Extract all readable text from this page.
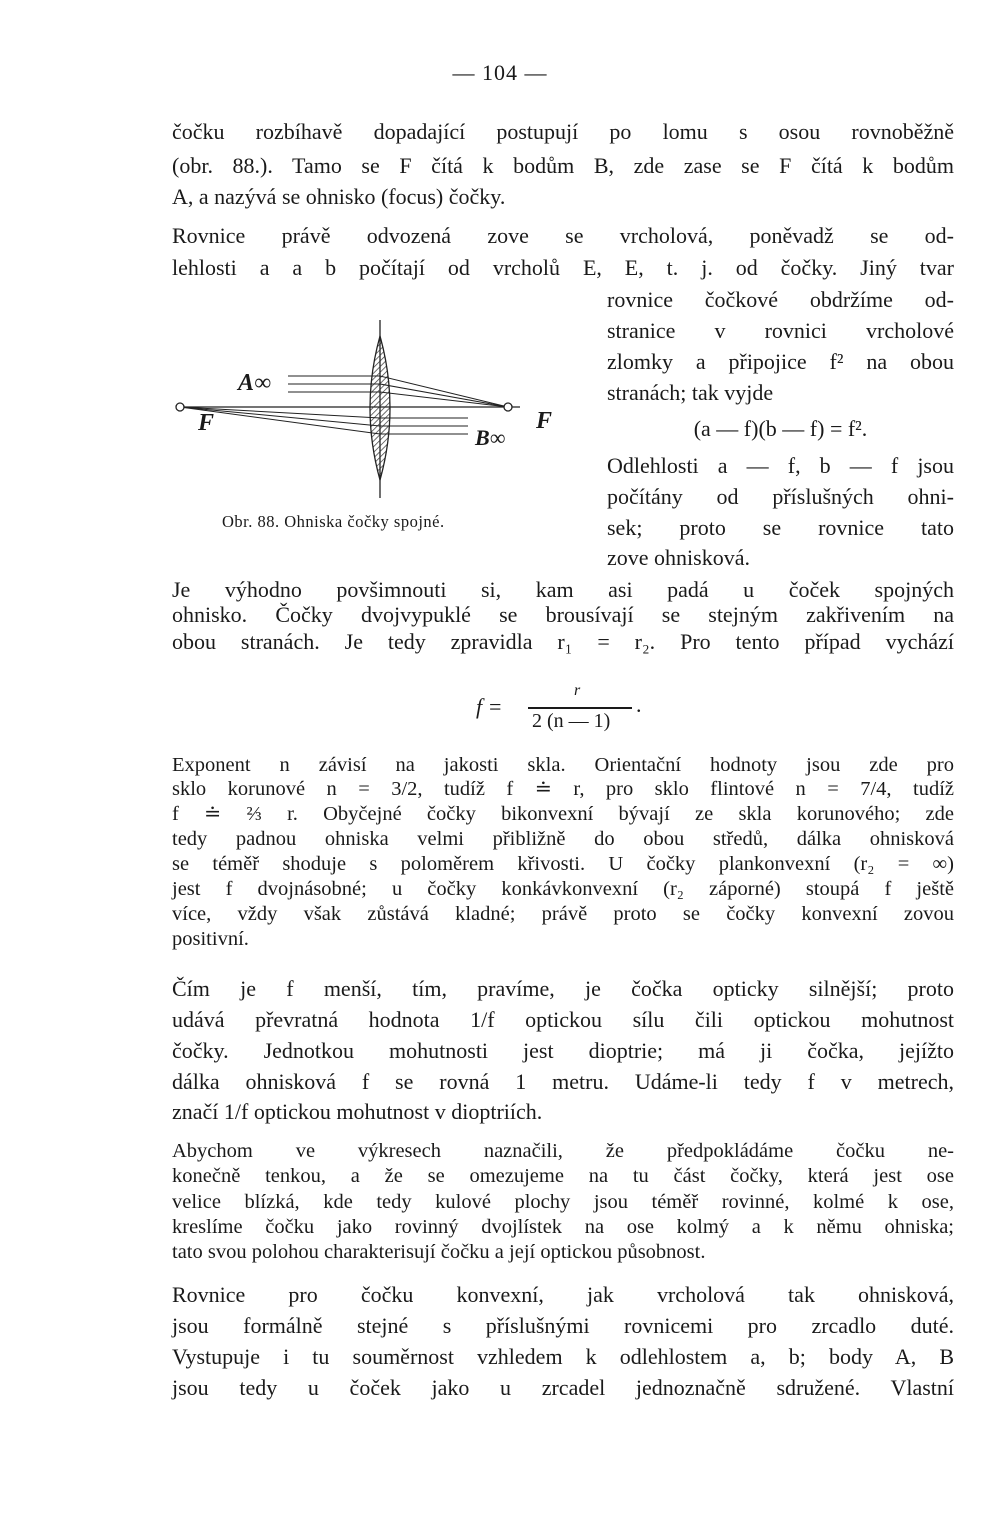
— 104 —
čočku rozbíhavě dopadající postupují po lomu s osou rovnoběžně
(obr. 88.). Tamo se F čítá k bodům B, zde zase se F čítá k bodům
A, a nazývá se ohnisko (focus) čočky.
Rovnice právě odvozená zove se vrcholová, poněvadž se od-
lehlosti a a b počítají od vrcholů E, E, t. j. od čočky. Jiný tvar
rovnice čočkové obdržíme od-
stranice v rovnici vrcholové
zlomky a připojice f² na obou
stranách; tak vyjde
(a — f)(b — f) = f².
Odlehlosti a — f, b — f jsou
počítány od příslušných ohni-
sek; proto se rovnice tato
zove ohnisková.
A∞
F
B∞
F
Obr. 88. Ohniska čočky spojné.
Je výhodno povšimnouti si, kam asi padá u čoček spojných
ohnisko. Čočky dvojvypuklé se brousívají se stejným zakřivením na
obou stranách. Je tedy zpravidla r₁ = r₂. Pro tento případ vychází
f =
r
2 (n — 1)
.
Exponent n závisí na jakosti skla. Orientační hodnoty jsou zde pro
sklo korunové n = 3/2, tudíž f ≐ r, pro sklo flintové n = 7/4, tudíž
f ≐ ⅔ r. Obyčejné čočky bikonvexní bývají ze skla korunového; zde
tedy padnou ohniska velmi přibližně do obou středů, dálka ohnisková
se téměř shoduje s poloměrem křivosti. U čočky plankonvexní (r₂ = ∞)
jest f dvojnásobné; u čočky konkávkonvexní (r₂ záporné) stoupá f ještě
více, vždy však zůstává kladné; právě proto se čočky konvexní zovou
positivní.
Čím je f menší, tím, pravíme, je čočka opticky silnější; proto
udává převratná hodnota 1/f optickou sílu čili optickou mohutnost
čočky. Jednotkou mohutnosti jest dioptrie; má ji čočka, jejížto
dálka ohnisková f se rovná 1 metru. Udáme-li tedy f v metrech,
značí 1/f optickou mohutnost v dioptriích.
Abychom ve výkresech naznačili, že předpokládáme čočku ne-
konečně tenkou, a že se omezujeme na tu část čočky, která jest ose
velice blízká, kde tedy kulové plochy jsou téměř rovinné, kolmé k ose,
kreslíme čočku jako rovinný dvojlístek na ose kolmý a k němu ohniska;
tato svou polohou charakterisují čočku a její optickou působnost.
Rovnice pro čočku konvexní, jak vrcholová tak ohnisková,
jsou formálně stejné s příslušnými rovnicemi pro zrcadlo duté.
Vystupuje i tu souměrnost vzhledem k odlehlostem a, b; body A, B
jsou tedy u čoček jako u zrcadel jednoznačně sdružené. Vlastní
